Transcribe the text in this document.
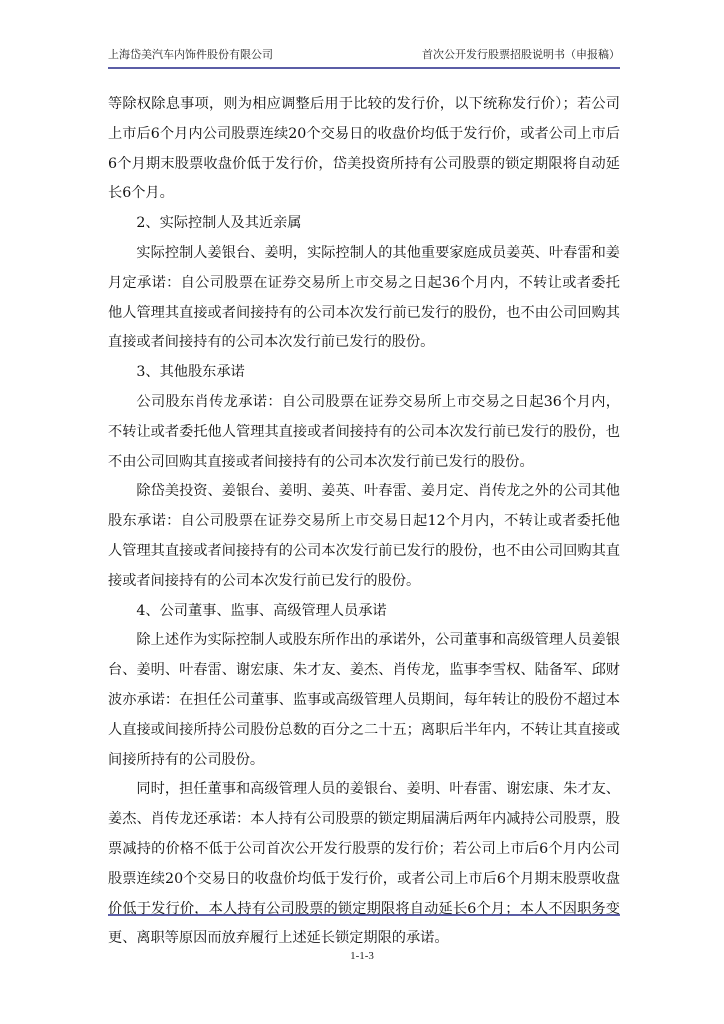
上海岱美汽车内饰件股份有限公司	首次公开发行股票招股说明书（申报稿）

等除权除息事项，则为相应调整后用于比较的发行价，以下统称发行价）；若公司上市后6个月内公司股票连续20个交易日的收盘价均低于发行价，或者公司上市后6个月期末股票收盘价低于发行价，岱美投资所持有公司股票的锁定期限将自动延长6个月。

2、实际控制人及其近亲属

实际控制人姜银台、姜明，实际控制人的其他重要家庭成员姜英、叶春雷和姜月定承诺：自公司股票在证券交易所上市交易之日起36个月内，不转让或者委托他人管理其直接或者间接持有的公司本次发行前已发行的股份，也不由公司回购其直接或者间接持有的公司本次发行前已发行的股份。

3、其他股东承诺

公司股东肖传龙承诺：自公司股票在证券交易所上市交易之日起36个月内，不转让或者委托他人管理其直接或者间接持有的公司本次发行前已发行的股份，也不由公司回购其直接或者间接持有的公司本次发行前已发行的股份。

除岱美投资、姜银台、姜明、姜英、叶春雷、姜月定、肖传龙之外的公司其他股东承诺：自公司股票在证券交易所上市交易日起12个月内，不转让或者委托他人管理其直接或者间接持有的公司本次发行前已发行的股份，也不由公司回购其直接或者间接持有的公司本次发行前已发行的股份。

4、公司董事、监事、高级管理人员承诺

除上述作为实际控制人或股东所作出的承诺外，公司董事和高级管理人员姜银台、姜明、叶春雷、谢宏康、朱才友、姜杰、肖传龙，监事李雪权、陆备军、邱财波亦承诺：在担任公司董事、监事或高级管理人员期间，每年转让的股份不超过本人直接或间接所持公司股份总数的百分之二十五；离职后半年内，不转让其直接或间接所持有的公司股份。

同时，担任董事和高级管理人员的姜银台、姜明、叶春雷、谢宏康、朱才友、姜杰、肖传龙还承诺：本人持有公司股票的锁定期届满后两年内减持公司股票，股票减持的价格不低于公司首次公开发行股票的发行价；若公司上市后6个月内公司股票连续20个交易日的收盘价均低于发行价，或者公司上市后6个月期末股票收盘价低于发行价，本人持有公司股票的锁定期限将自动延长6个月；本人不因职务变更、离职等原因而放弃履行上述延长锁定期限的承诺。

1-1-3
